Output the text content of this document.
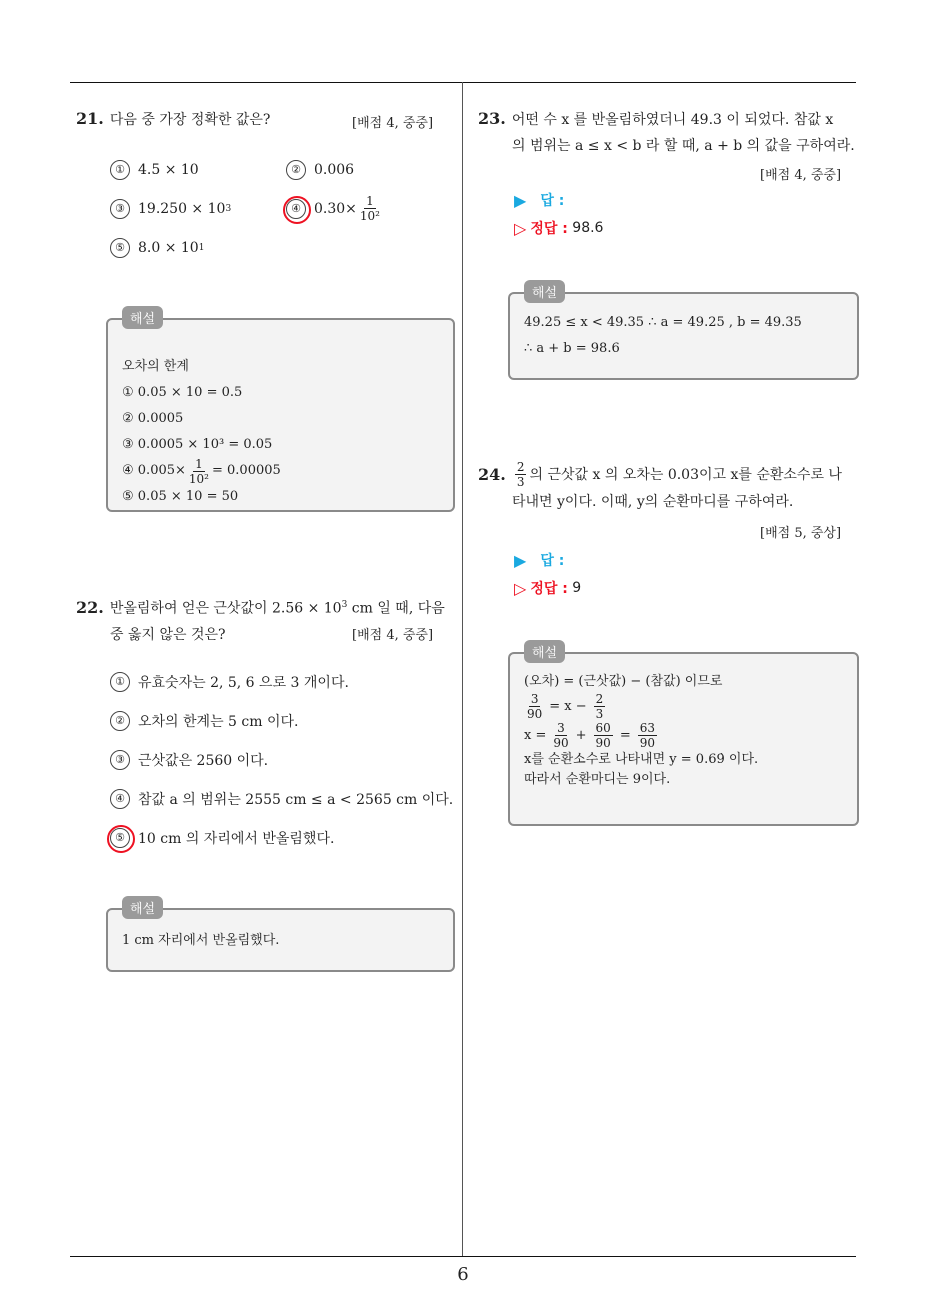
6
21. 다음 중 가장 정확한 값은?	[배점 4, 중중]
① 4.5 × 10	② 0.006
③ 19.250 × 10 3	④ $0.30\times \frac{1}{\text{10²}}$
⑤ 8.0 × 10 1
해설
오차의 한계
① 0.05 × 10 = 0.5
② 0.0005
③ 0.0005 × 10³ = 0.05
④ $0.005\times \frac{1}{\text{10²}} = 0.00005$
⑤ 0.05 × 10 = 50
22. 반올림하여 얻은 근삿값이 $2.56 \times 10^3$ cm 일 때, 다음
중 옳지 않은 것은?	[배점 4, 중중]
① 유효숫자는 2, 5, 6 으로 3 개이다.
② 오차의 한계는 5 cm 이다.
③ 근삿값은 2560 이다.
④ 참값 a 의 범위는 2555 cm ≤ a < 2565 cm 이다.
⑤ 10 cm 의 자리에서 반올림했다.
해설
1 cm 자리에서 반올림했다.
23. 어떤 수 x 를 반올림하였더니 49.3 이 되었다. 참값 x
의 범위는 a ≤ x < b 라 할 때, a + b 의 값을 구하여라.
[배점 4, 중중]
▶ 답 :
▷ 정답 :
98.6
해설
49.25 ≤ x < 49.35 ∴ a = 49.25 , b = 49.35
∴ a + b = 98.6
24. $\frac{2}{3}$ 의 근삿값 x 의 오차는 0.03이고 x를 순환소수로 나
타내면 y이다. 이때, y의 순환마디를 구하여라.
[배점 5, 중상]
▶ 답 :
▷ 정답 :
9
해설
(오차) = (근삿값) − (참값) 이므로
$\frac{3}{90} = x - \frac{2}{3}$
$x = \frac{3}{90} + \frac{60}{90} = \frac{63}{90}$
x를 순환소수로 나타내면 y = 0.69̇ 이다.
따라서 순환마디는 9이다.
